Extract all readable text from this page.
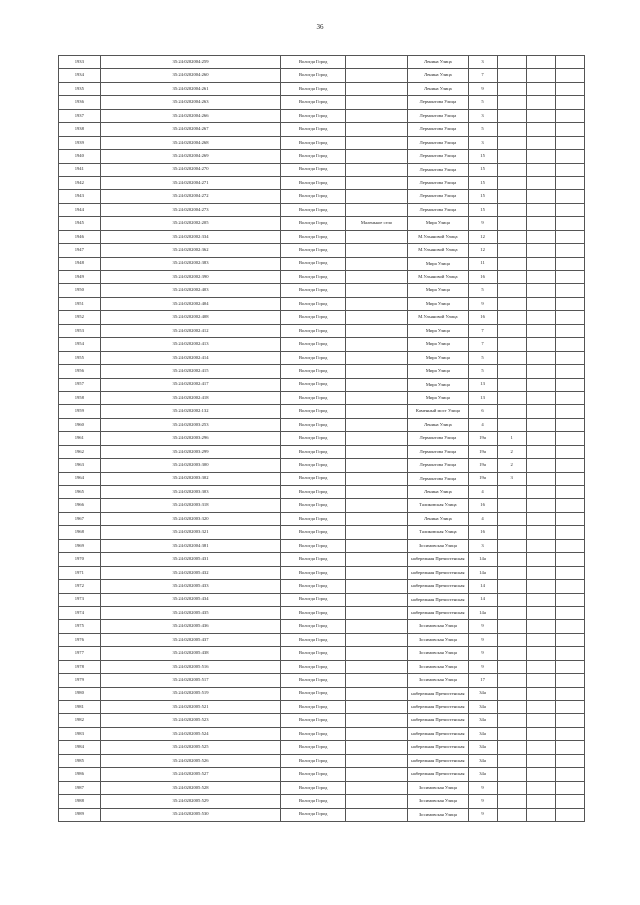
36
1933	35:24:0202004:259	Вологда Город		Ленина Улица	3			
1934	35:24:0202004:260	Вологда Город		Ленина Улица	7			
1935	35:24:0202004:261	Вологда Город		Ленина Улица	9			
1936	35:24:0202004:263	Вологда Город		Лермонтова Улица	5			
1937	35:24:0202004:266	Вологда Город		Лермонтова Улица	3			
1938	35:24:0202004:267	Вологда Город		Лермонтова Улица	5			
1939	35:24:0202004:268	Вологда Город		Лермонтова Улица	3			
1940	35:24:0202004:269	Вологда Город		Лермонтова Улица	15			
1941	35:24:0202004:270	Вологда Город		Лермонтова Улица	15			
1942	35:24:0202004:271	Вологда Город		Лермонтова Улица	15			
1943	35:24:0202004:272	Вологда Город		Лермонтова Улица	15			
1944	35:24:0202004:273	Вологда Город		Лермонтова Улица	15			
1945	35:24:0202002:205	Вологда Город	Маленькое село	Мира Улица	9			
1946	35:24:0202002:334	Вологда Город		М.Ульяновой Улица	12			
1947	35:24:0202002:362	Вологда Город		М.Ульяновой Улица	12			
1948	35:24:0202002:383	Вологда Город		Мира Улица	11			
1949	35:24:0202002:390	Вологда Город		М.Ульяновой Улица	16			
1950	35:24:0202002:403	Вологда Город		Мира Улица	5			
1951	35:24:0202002:404	Вологда Город		Мира Улица	9			
1952	35:24:0202002:408	Вологда Город		М.Ульяновой Улица	16			
1953	35:24:0202002:412	Вологда Город		Мира Улица	7			
1954	35:24:0202002:413	Вологда Город		Мира Улица	7			
1955	35:24:0202002:414	Вологда Город		Мира Улица	5			
1956	35:24:0202002:415	Вологда Город		Мира Улица	5			
1957	35:24:0202002:417	Вологда Город		Мира Улица	13			
1958	35:24:0202002:418	Вологда Город		Мира Улица	13			
1959	35:24:0202002:132	Вологда Город		Каменный мост Улица	6			
1960	35:24:0202003:253	Вологда Город		Ленина Улица	4			
1961	35:24:0202003:296	Вологда Город		Лермонтова Улица	19а	1		
1962	35:24:0202003:299	Вологда Город		Лермонтова Улица	19а	2		
1963	35:24:0202003:300	Вологда Город		Лермонтова Улица	19а	2		
1964	35:24:0202003:302	Вологда Город		Лермонтова Улица	19а	3		
1965	35:24:0202003:303	Вологда Город		Ленина Улица	4			
1966	35:24:0202003:318	Вологда Город		Таликовская Улица	16			
1967	35:24:0202003:320	Вологда Город		Ленина Улица	4			
1968	35:24:0202003:321	Вологда Город		Таликовская Улица	16			
1969	35:24:0202004:381	Вологда Город		Зосимовская Улица	3			
1970	35:24:0202005:431	Вологда Город		набережная Пречистенская	14а			
1971	35:24:0202005:432	Вологда Город		набережная Пречистенская	14а			
1972	35:24:0202005:433	Вологда Город		набережная Пречистенская	14			
1973	35:24:0202005:434	Вологда Город		набережная Пречистенская	14			
1974	35:24:0202005:435	Вологда Город		набережная Пречистенская	14а			
1975	35:24:0202005:436	Вологда Город		Зосимовская Улица	9			
1976	35:24:0202005:437	Вологда Город		Зосимовская Улица	9			
1977	35:24:0202005:438	Вологда Город		Зосимовская Улица	9			
1978	35:24:0202005:516	Вологда Город		Зосимовская Улица	9			
1979	35:24:0202005:517	Вологда Город		Зосимовская Улица	17			
1980	35:24:0202005:519	Вологда Город		набережная Пречистенская	34а			
1981	35:24:0202005:521	Вологда Город		набережная Пречистенская	34а			
1982	35:24:0202005:523	Вологда Город		набережная Пречистенская	34а			
1983	35:24:0202005:524	Вологда Город		набережная Пречистенская	34а			
1984	35:24:0202005:525	Вологда Город		набережная Пречистенская	34а			
1985	35:24:0202005:526	Вологда Город		набережная Пречистенская	34а			
1986	35:24:0202005:527	Вологда Город		набережная Пречистенская	34а			
1987	35:24:0202005:528	Вологда Город		Зосимовская Улица	9			
1988	35:24:0202005:529	Вологда Город		Зосимовская Улица	9			
1989	35:24:0202005:530	Вологда Город		Зосимовская Улица	9			
